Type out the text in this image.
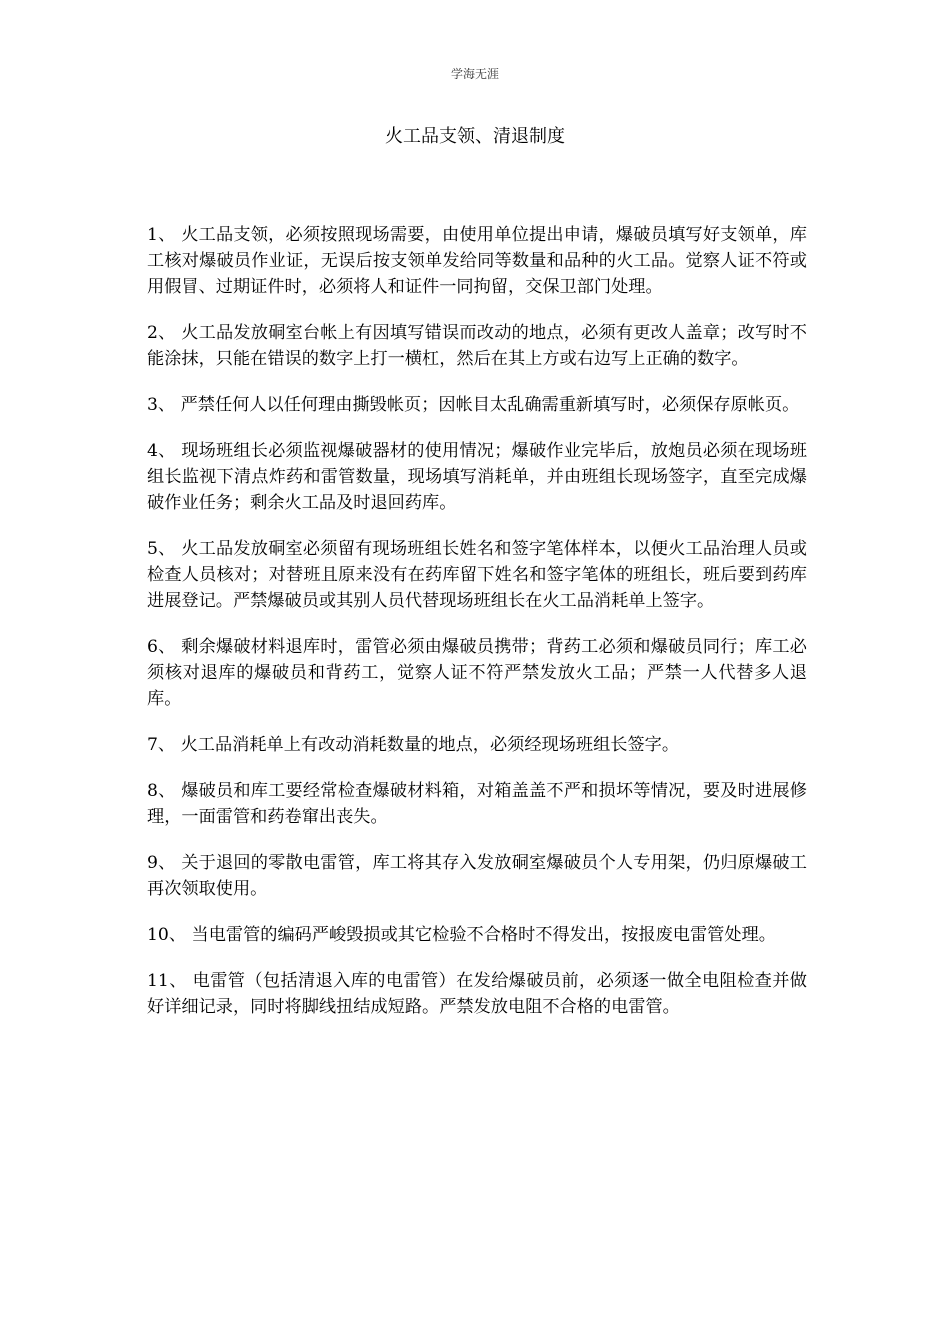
学海无涯
火工品支领、清退制度

1、 火工品支领，必须按照现场需要，由使用单位提出申请，爆破员填写好支领单，库工核对爆破员作业证，无误后按支领单发给同等数量和品种的火工品。觉察人证不符或用假冒、过期证件时，必须将人和证件一同拘留，交保卫部门处理。

2、 火工品发放硐室台帐上有因填写错误而改动的地点，必须有更改人盖章；改写时不能涂抹，只能在错误的数字上打一横杠，然后在其上方或右边写上正确的数字。

3、 严禁任何人以任何理由撕毁帐页；因帐目太乱确需重新填写时，必须保存原帐页。

4、 现场班组长必须监视爆破器材的使用情况；爆破作业完毕后，放炮员必须在现场班组长监视下清点炸药和雷管数量，现场填写消耗单，并由班组长现场签字，直至完成爆破作业任务；剩余火工品及时退回药库。

5、 火工品发放硐室必须留有现场班组长姓名和签字笔体样本，以便火工品治理人员或检查人员核对；对替班且原来没有在药库留下姓名和签字笔体的班组长，班后要到药库进展登记。严禁爆破员或其别人员代替现场班组长在火工品消耗单上签字。

6、 剩余爆破材料退库时，雷管必须由爆破员携带；背药工必须和爆破员同行；库工必须核对退库的爆破员和背药工，觉察人证不符严禁发放火工品；严禁一人代替多人退库。

7、 火工品消耗单上有改动消耗数量的地点，必须经现场班组长签字。

8、 爆破员和库工要经常检查爆破材料箱，对箱盖盖不严和损坏等情况，要及时进展修理，一面雷管和药卷窜出丧失。

9、 关于退回的零散电雷管，库工将其存入发放硐室爆破员个人专用架，仍归原爆破工再次领取使用。

10、 当电雷管的编码严峻毁损或其它检验不合格时不得发出，按报废电雷管处理。

11、 电雷管（包括清退入库的电雷管）在发给爆破员前，必须逐一做全电阻检查并做好详细记录，同时将脚线扭结成短路。严禁发放电阻不合格的电雷管。
